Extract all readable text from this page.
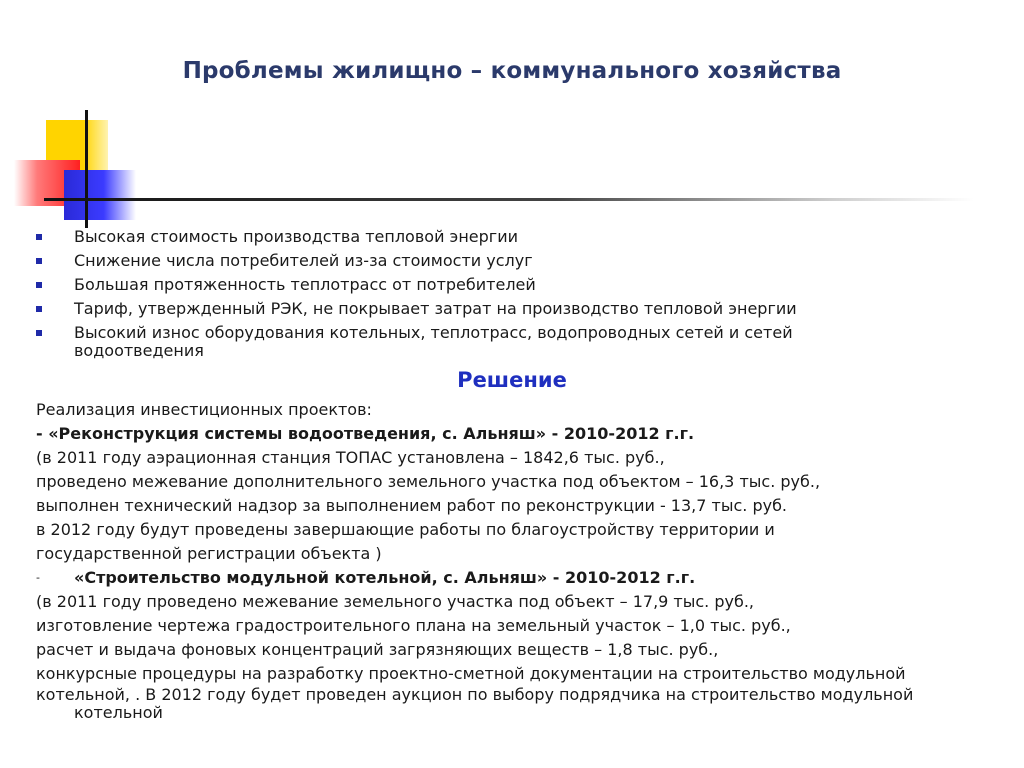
Проблемы жилищно – коммунального хозяйства
Высокая стоимость производства тепловой энергии
Снижение числа потребителей из-за стоимости услуг
Большая протяженность теплотрасс от потребителей
Тариф, утвержденный РЭК, не покрывает затрат на производство тепловой энергии
Высокий износ оборудования котельных, теплотрасс, водопроводных сетей и сетей
водоотведения
Решение
Реализация инвестиционных проектов:
- «Реконструкция системы водоотведения, с. Альняш» - 2010-2012 г.г.
(в 2011 году аэрационная станция ТОПАС установлена – 1842,6 тыс. руб.,
проведено межевание дополнительного земельного участка под объектом – 16,3 тыс. руб.,
выполнен технический надзор за выполнением работ по реконструкции - 13,7 тыс. руб.
в 2012 году будут проведены завершающие работы по благоустройству территории и
государственной регистрации объекта )
- «Строительство модульной котельной, с. Альняш» - 2010-2012 г.г.
(в 2011 году проведено межевание земельного участка под объект – 17,9 тыс. руб.,
изготовление чертежа градостроительного плана на земельный участок – 1,0 тыс. руб.,
расчет и выдача фоновых концентраций загрязняющих веществ – 1,8 тыс. руб.,
конкурсные процедуры на разработку проектно-сметной документации на строительство модульной
котельной, . В 2012 году будет проведен аукцион по выбору подрядчика на строительство модульной
котельной
